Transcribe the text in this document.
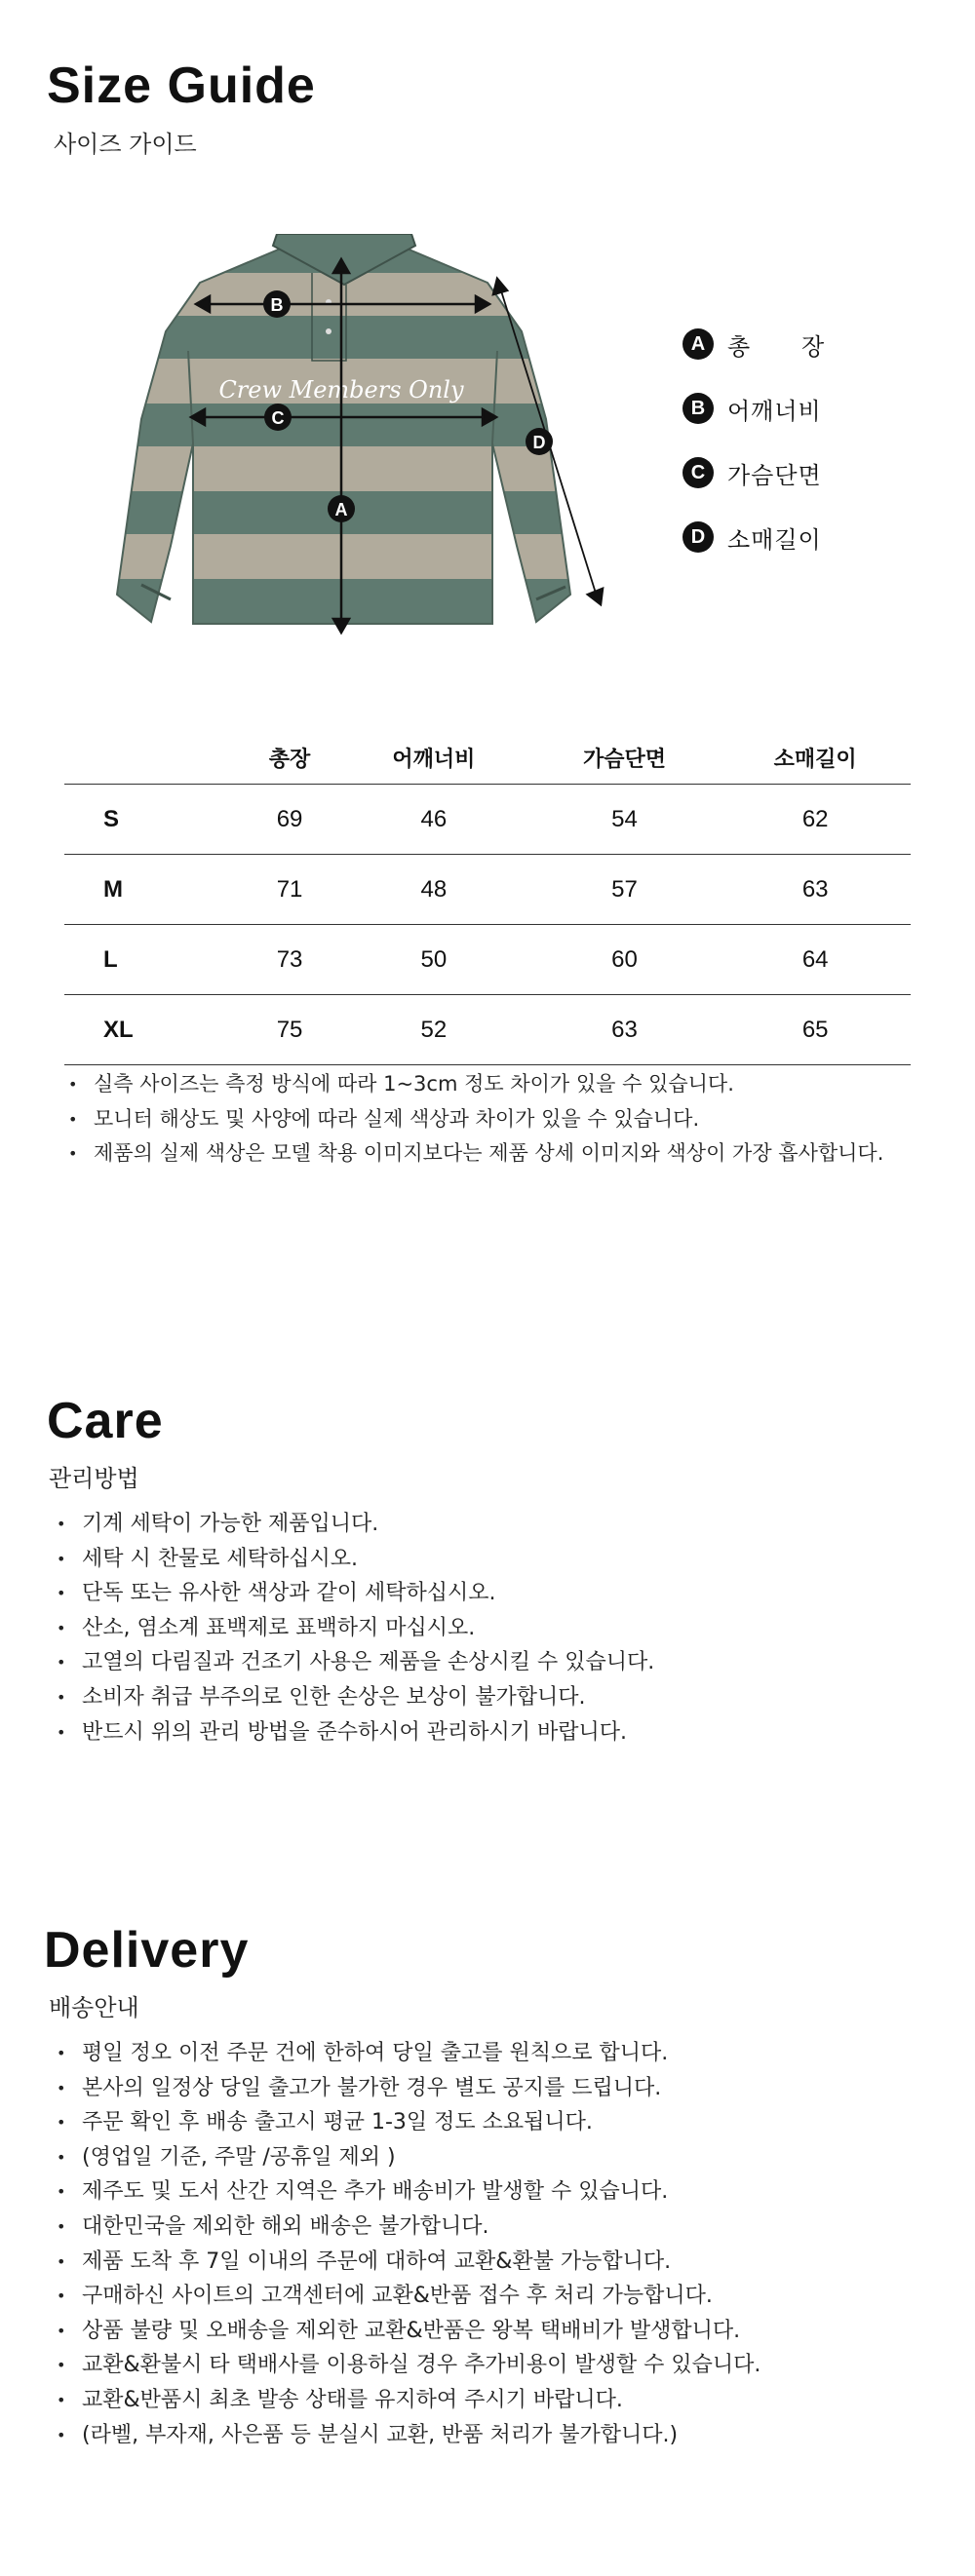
Size Guide

사이즈 가이드

Crew Members Only
A
B
C
D
A 총      장
B 어깨너비
C 가슴단면
D 소매길이
	총장	어깨너비	가슴단면	소매길이
S	69	46	54	62
M	71	48	57	63
L	73	50	60	64
XL	75	52	63	65
• 실측 사이즈는 측정 방식에 따라 1~3cm 정도 차이가 있을 수 있습니다.
• 모니터 해상도 및 사양에 따라 실제 색상과 차이가 있을 수 있습니다.
• 제품의 실제 색상은 모델 착용 이미지보다는 제품 상세 이미지와 색상이 가장 흡사합니다.
Care

관리방법

• 기계 세탁이 가능한 제품입니다.
• 세탁 시 찬물로 세탁하십시오.
• 단독 또는 유사한 색상과 같이 세탁하십시오.
• 산소, 염소계 표백제로 표백하지 마십시오.
• 고열의 다림질과 건조기 사용은 제품을 손상시킬 수 있습니다.
• 소비자 취급 부주의로 인한 손상은 보상이 불가합니다.
• 반드시 위의 관리 방법을 준수하시어 관리하시기 바랍니다.
Delivery

배송안내

• 평일 정오 이전 주문 건에 한하여 당일 출고를 원칙으로 합니다.
• 본사의 일정상 당일 출고가 불가한 경우 별도 공지를 드립니다.
• 주문 확인 후 배송 출고시 평균 1-3일 정도 소요됩니다.
• (영업일 기준, 주말 /공휴일 제외 )
• 제주도 및 도서 산간 지역은 추가 배송비가 발생할 수 있습니다.
• 대한민국을 제외한 해외 배송은 불가합니다.
• 제품 도착 후 7일 이내의 주문에 대하여 교환&환불 가능합니다.
• 구매하신 사이트의 고객센터에 교환&반품 접수 후 처리 가능합니다.
• 상품 불량 및 오배송을 제외한 교환&반품은 왕복 택배비가 발생합니다.
• 교환&환불시 타 택배사를 이용하실 경우 추가비용이 발생할 수 있습니다.
• 교환&반품시 최초 발송 상태를 유지하여 주시기 바랍니다.
• (라벨, 부자재, 사은품 등 분실시 교환, 반품 처리가 불가합니다.)
